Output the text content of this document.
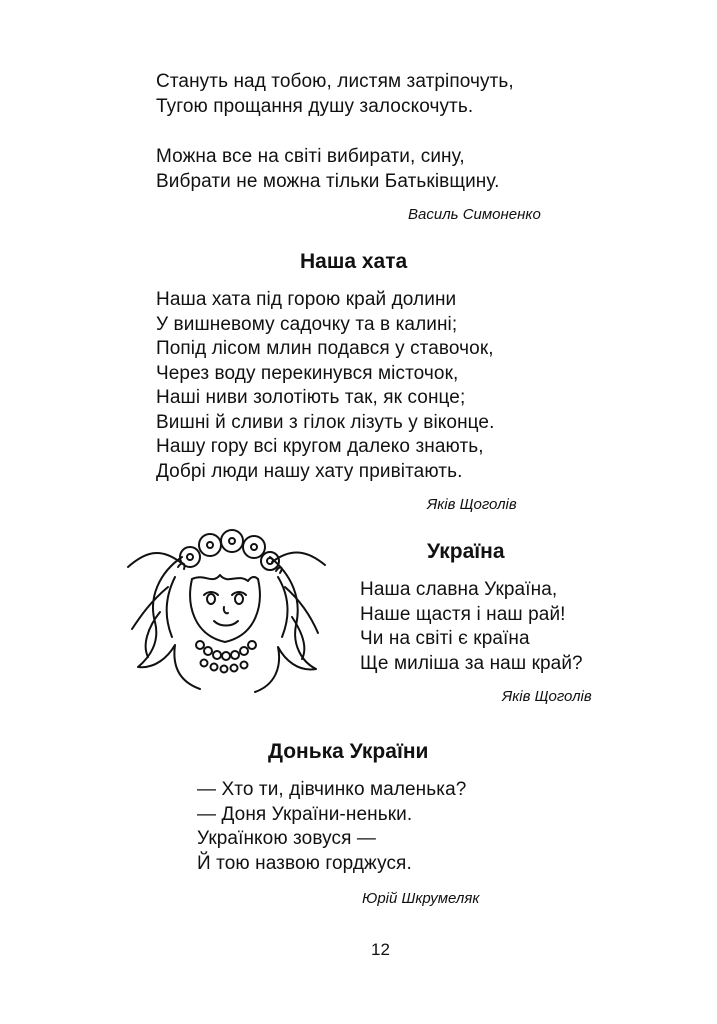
Стануть над тобою, листям затріпочуть,
Тугою прощання душу залоскочуть.
Можна все на світі вибирати, сину,
Вибрати не можна тільки Батьківщину.
Василь Симоненко
Наша хата
Наша хата під горою край долини
У вишневому садочку та в калині;
Попід лісом млин подався у ставочок,
Через воду перекинувся місточок,
Наші ниви золотіють так, як сонце;
Вишні й сливи з гілок лізуть у віконце.
Нашу гору всі кругом далеко знають,
Добрі люди нашу хату привітають.
Яків Щоголів
Україна
Наша славна Україна,
Наше щастя і наш рай!
Чи на світі є країна
Ще миліша за наш край?
Яків Щоголів
Донька України
— Хто ти, дівчинко маленька?
— Доня України-неньки.
Українкою зовуся —
Й тою назвою горджуся.
Юрій Шкрумеляк
12
